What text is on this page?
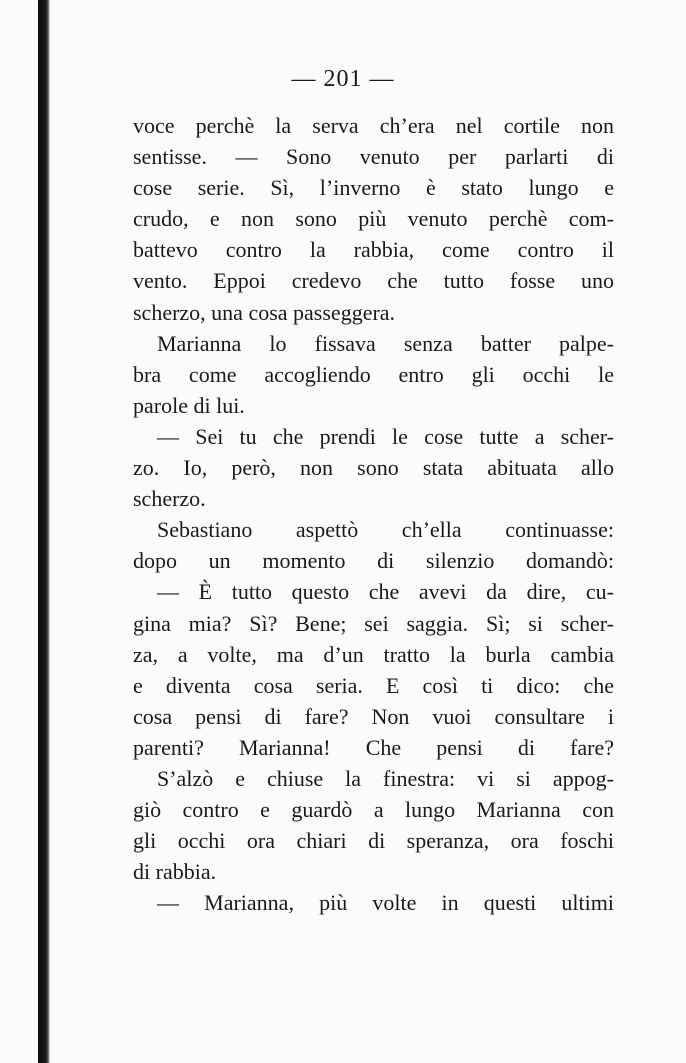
— 201 —
voce perchè la serva ch’era nel cortile non
sentisse. — Sono venuto per parlarti di
cose serie. Sì, l’inverno è stato lungo e
crudo, e non sono più venuto perchè com-
battevo contro la rabbia, come contro il
vento. Eppoi credevo che tutto fosse uno
scherzo, una cosa passeggera.
Marianna lo fissava senza batter palpe-
bra come accogliendo entro gli occhi le
parole di lui.
— Sei tu che prendi le cose tutte a scher-
zo. Io, però, non sono stata abituata allo
scherzo.
Sebastiano aspettò ch’ella continuasse:
dopo un momento di silenzio domandò:
— È tutto questo che avevi da dire, cu-
gina mia? Sì? Bene; sei saggia. Sì; si scher-
za, a volte, ma d’un tratto la burla cambia
e diventa cosa seria. E così ti dico: che
cosa pensi di fare? Non vuoi consultare i
parenti? Marianna! Che pensi di fare?
S’alzò e chiuse la finestra: vi si appog-
giò contro e guardò a lungo Marianna con
gli occhi ora chiari di speranza, ora foschi
di rabbia.
— Marianna, più volte in questi ultimi
